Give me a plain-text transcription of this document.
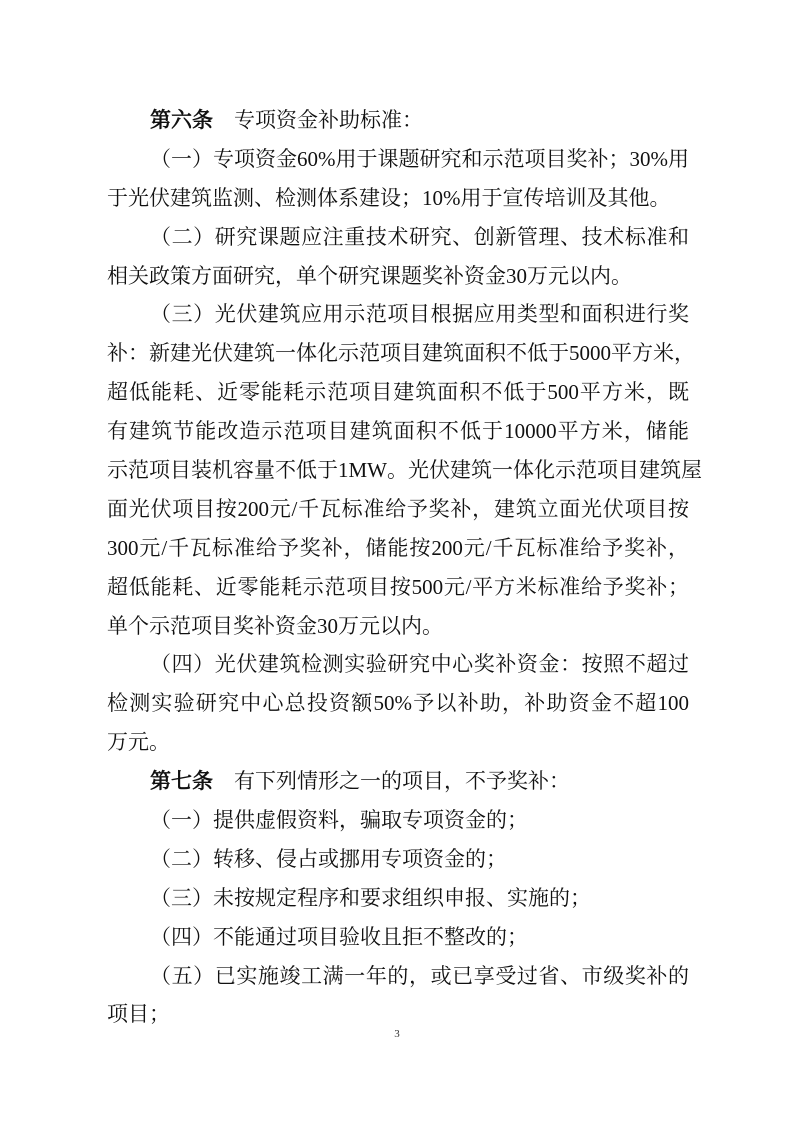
第六条 专项资金补助标准：
（一）专项资金60%用于课题研究和示范项目奖补；30%用
于光伏建筑监测、检测体系建设；10%用于宣传培训及其他。
（二）研究课题应注重技术研究、创新管理、技术标准和
相关政策方面研究，单个研究课题奖补资金30万元以内。
（三）光伏建筑应用示范项目根据应用类型和面积进行奖
补：新建光伏建筑一体化示范项目建筑面积不低于5000平方米，
超低能耗、近零能耗示范项目建筑面积不低于500平方米，既
有建筑节能改造示范项目建筑面积不低于10000平方米，储能
示范项目装机容量不低于1MW。光伏建筑一体化示范项目建筑屋
面光伏项目按200元/千瓦标准给予奖补，建筑立面光伏项目按
300元/千瓦标准给予奖补，储能按200元/千瓦标准给予奖补，
超低能耗、近零能耗示范项目按500元/平方米标准给予奖补；
单个示范项目奖补资金30万元以内。
（四）光伏建筑检测实验研究中心奖补资金：按照不超过
检测实验研究中心总投资额50%予以补助，补助资金不超100
万元。
第七条 有下列情形之一的项目，不予奖补：
（一）提供虚假资料，骗取专项资金的；
（二）转移、侵占或挪用专项资金的；
（三）未按规定程序和要求组织申报、实施的；
（四）不能通过项目验收且拒不整改的；
（五）已实施竣工满一年的，或已享受过省、市级奖补的
项目；
3
